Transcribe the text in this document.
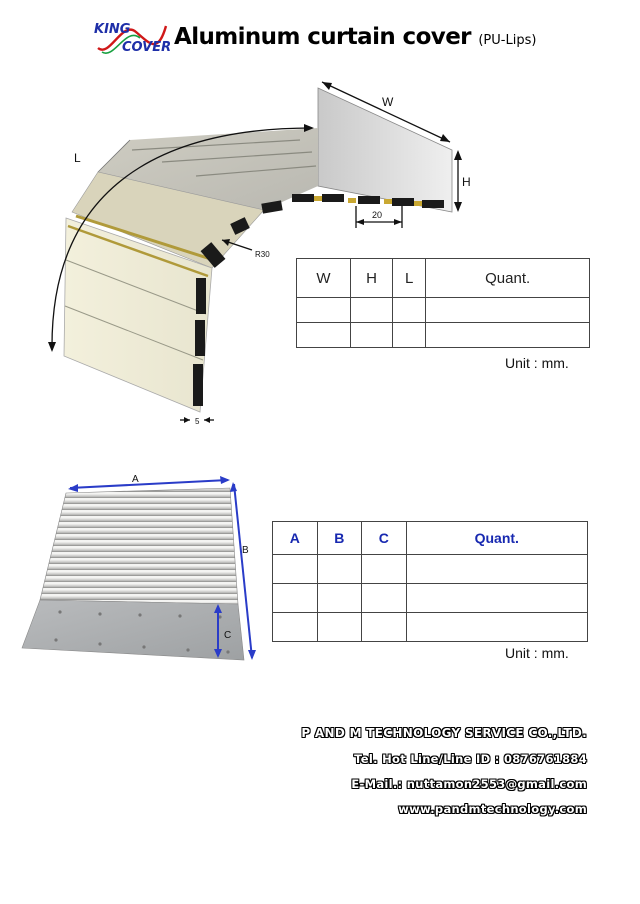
KING
COVER Aluminum curtain cover (PU-Lips)
W
H
20
L
R30
5
W	H	L	Quant.

Unit : mm.
A
B
C
A	B	C	Quant.

Unit : mm.
P AND M TECHNOLOGY SERVICE CO.,LTD.
Tel. Hot Line/Line ID : 0876761884
E-Mail.: nuttamon2553@gmail.com
www.pandmtechnology.com
